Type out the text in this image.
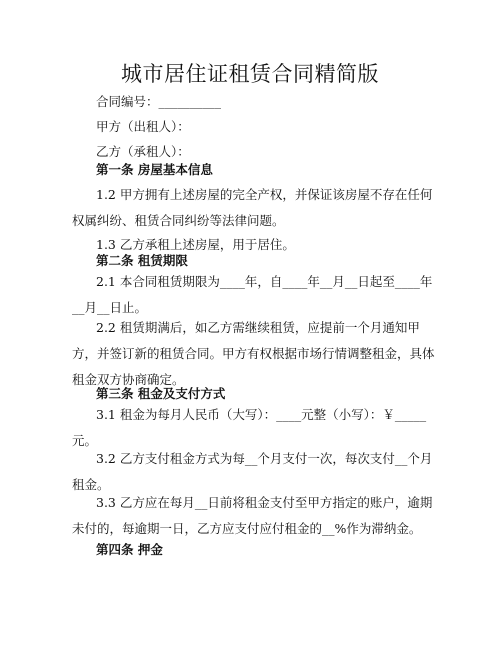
城市居住证租赁合同精简版
合同编号：__________
甲方（出租人）：
乙方（承租人）：
第一条 房屋基本信息
1.2 甲方拥有上述房屋的完全产权，并保证该房屋不存在任何权属纠纷、租赁合同纠纷等法律问题。
1.3 乙方承租上述房屋，用于居住。
第二条 租赁期限
2.1 本合同租赁期限为____年，自____年__月__日起至____年__月__日止。
2.2 租赁期满后，如乙方需继续租赁，应提前一个月通知甲方，并签订新的租赁合同。甲方有权根据市场行情调整租金，具体租金双方协商确定。
第三条 租金及支付方式
3.1 租金为每月人民币（大写）：____元整（小写）：￥_____元。
3.2 乙方支付租金方式为每__个月支付一次，每次支付__个月租金。
3.3 乙方应在每月__日前将租金支付至甲方指定的账户，逾期未付的，每逾期一日，乙方应支付应付租金的__%作为滞纳金。
第四条 押金
